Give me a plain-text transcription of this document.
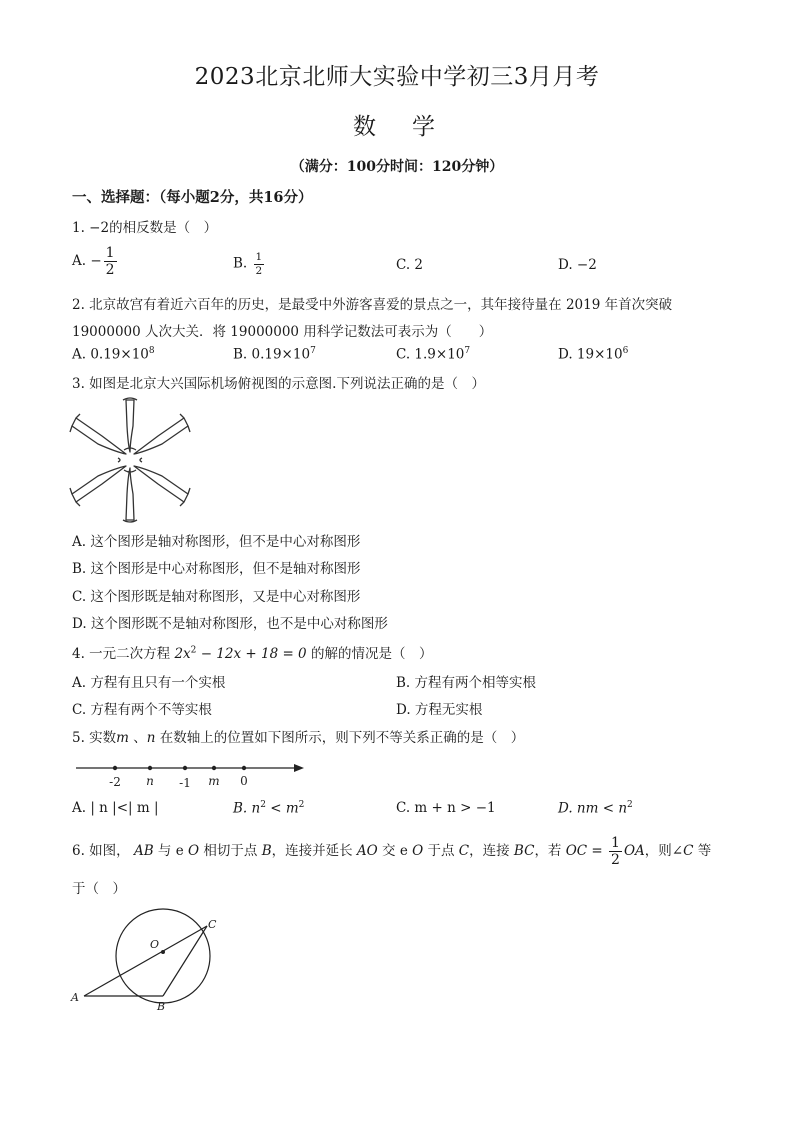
2023北京北师大实验中学初三3月月考
数学
（满分：100分时间：120分钟）
一、选择题：（每小题2分，共16分）
1. −2的相反数是（　）
A. − $\frac{1}{2}$	B. $\frac{1}{2}$	C. 2	D. −2
2. 北京故宫有着近六百年的历史，是最受中外游客喜爱的景点之一，其年接待量在 2019 年首次突破
19000000 人次大关．将 19000000 用科学记数法可表示为（　　）
A. $0.19\times 10^8$	B. $0.19\times 10^7$	C. $1.9\times 10^7$	D. $19\times 10^6$
3. 如图是北京大兴国际机场俯视图的示意图.下列说法正确的是（　）
A. 这个图形是轴对称图形，但不是中心对称图形
B. 这个图形是中心对称图形，但不是轴对称图形
C. 这个图形既是轴对称图形，又是中心对称图形
D. 这个图形既不是轴对称图形，也不是中心对称图形
4. 一元二次方程 $2x^2 - 12x + 18 = 0$ 的解的情况是（　）
A. 方程有且只有一个实根	B. 方程有两个相等实根
C. 方程有两个不等实根	D. 方程无实根
5. 实数m 、n 在数轴上的位置如下图所示，则下列不等关系正确的是（　）
-2 n -1 m 0
A. | n |<| m |	B. $n^2 < m^2$	C. m + n > −1	D. nm < $n^2$
6. 如图， AB 与 e O 相切于点 B，连接并延长 AO 交 e O 于点 C，连接 BC，若 OC = $\frac{1}{2}$ OA，则∠C 等
于（　）
O
C
A
B
